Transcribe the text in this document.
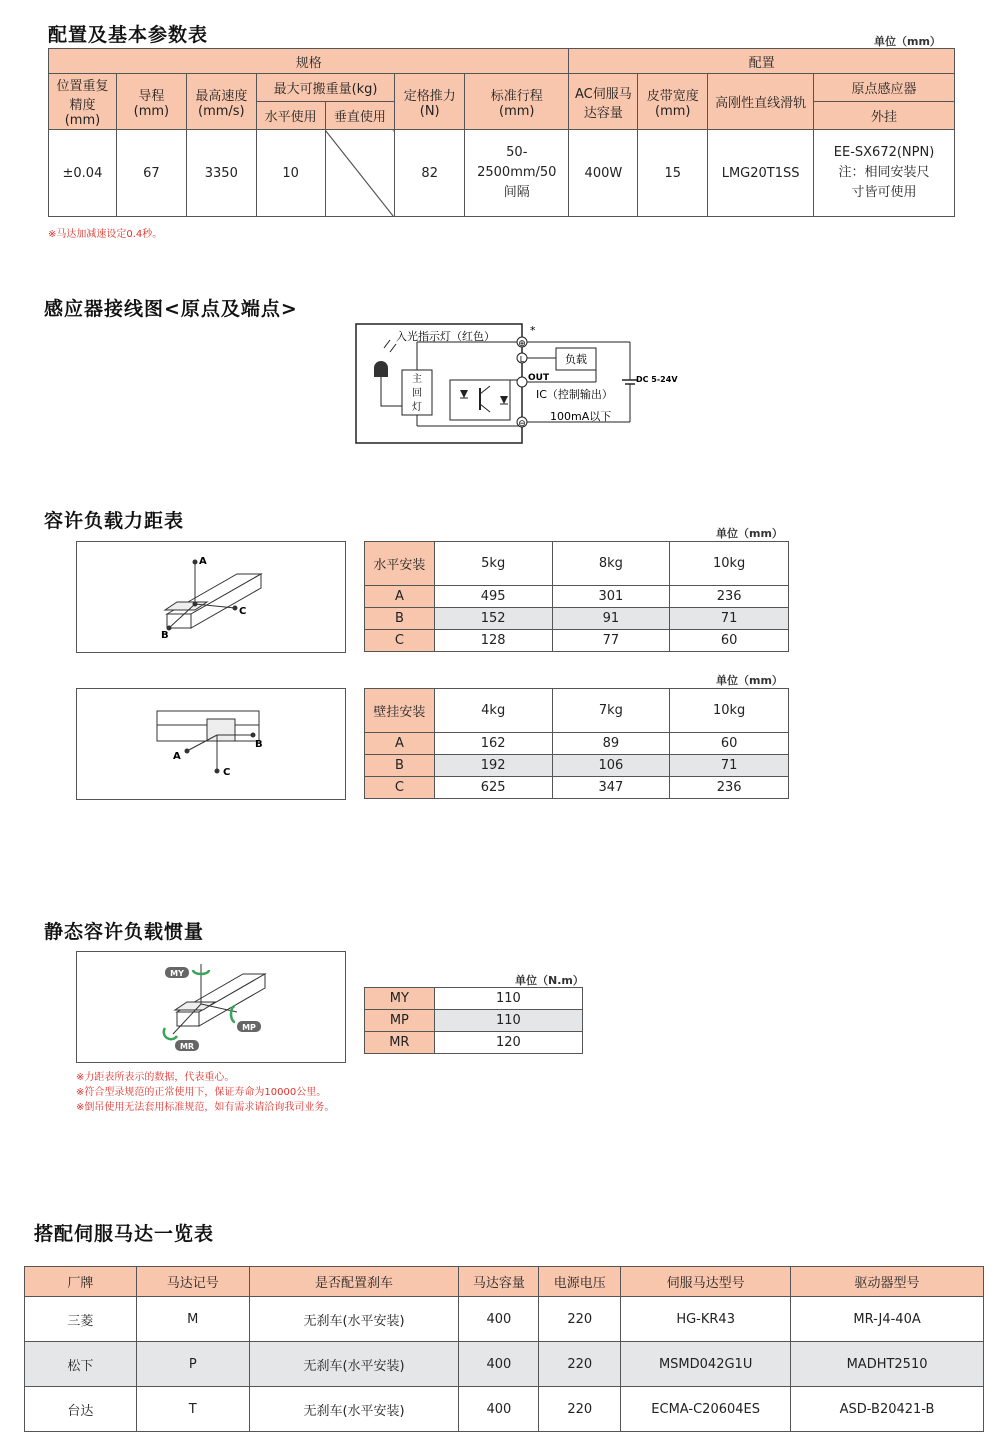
配置及基本参数表	单位（mm）
规格							配置			
位置重复精度(mm)	导程(mm)	最高速度(mm/s)	最大可搬重量(kg)		定格推力(N)	标准行程(mm)	AC伺服马达容量	皮带宽度(mm)	高刚性直线滑轨	原点感应器
			水平使用	垂直使用						外挂
±0.04	67	3350	10		82	50-2500mm/50间隔	400W	15	LMG20T1SS	EE-SX672(NPN)注：相同安装尺寸皆可使用
※马达加减速设定0.4秒。
感应器接线图<原点及端点>
入光指示灯（红色）
主
回
灯
⊕
*
L
⊖
负载
OUT
IC（控制输出）
100mA以下
DC 5-24V
容许负载力距表
A
C
B
单位（mm）
水平安装	5kg	8kg	10kg
A	495	301	236
B	152	91	71
C	128	77	60
A
B
C
单位（mm）
壁挂安装	4kg	7kg	10kg
A	162	89	60
B	192	106	71
C	625	347	236
静态容许负载惯量
MY
MP
MR
单位（N.m）
MY	110
MP	110
MR	120
※力距表所表示的数据，代表重心。
※符合型录规范的正常使用下，保证寿命为10000公里。
※倒吊使用无法套用标准规范，如有需求请洽询我司业务。
搭配伺服马达一览表
厂牌	马达记号	是否配置刹车	马达容量	电源电压	伺服马达型号	驱动器型号
三菱	M	无刹车(水平安装)	400	220	HG-KR43	MR-J4-40A
松下	P	无刹车(水平安装)	400	220	MSMD042G1U	MADHT2510
台达	T	无刹车(水平安装)	400	220	ECMA-C20604ES	ASD-B20421-B
